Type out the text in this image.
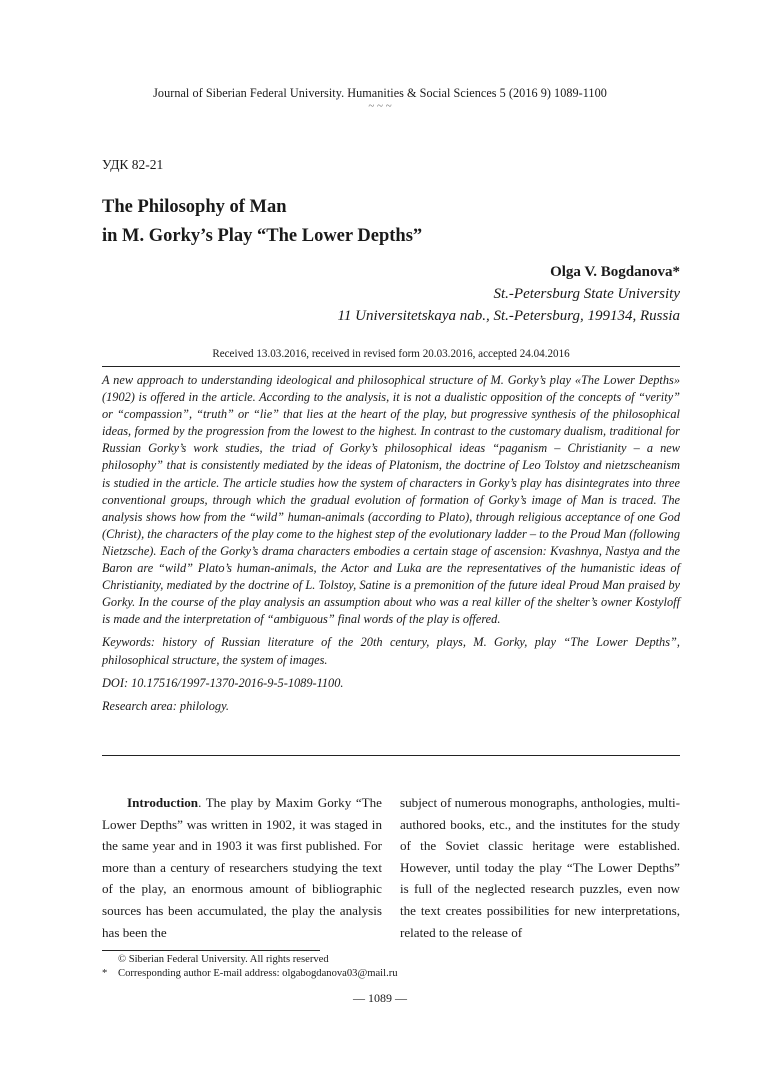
Journal of Siberian Federal University. Humanities & Social Sciences 5 (2016 9) 1089-1100
~ ~ ~
УДК 82-21
The Philosophy of Man
in M. Gorky’s Play “The Lower Depths”
Olga V. Bogdanova*
St.-Petersburg State University
11 Universitetskaya nab., St.-Petersburg, 199134, Russia
Received 13.03.2016, received in revised form 20.03.2016, accepted 24.04.2016

A new approach to understanding ideological and philosophical structure of M. Gorky’s play «The Lower Depths» (1902) is offered in the article. According to the analysis, it is not a dualistic opposition of the concepts of “verity” or “compassion”, “truth” or “lie” that lies at the heart of the play, but progressive synthesis of the philosophical ideas, formed by the progression from the lowest to the highest. In contrast to the customary dualism, traditional for Russian Gorky’s work studies, the triad of Gorky’s philosophical ideas “paganism – Christianity – a new philosophy” that is consistently mediated by the ideas of Platonism, the doctrine of Leo Tolstoy and nietzscheanism is studied in the article. The article studies how the system of characters in Gorky’s play has disintegrates into three conventional groups, through which the gradual evolution of formation of Gorky’s image of Man is traced. The analysis shows how from the “wild” human-animals (according to Plato), through religious acceptance of one God (Christ), the characters of the play come to the highest step of the evolutionary ladder – to the Proud Man (following Nietzsche). Each of the Gorky’s drama characters embodies a certain stage of ascension: Kvashnya, Nastya and the Baron are “wild” Plato’s human-animals, the Actor and Luka are the representatives of the humanistic ideas of Christianity, mediated by the doctrine of L. Tolstoy, Satine is a premonition of the future ideal Proud Man praised by Gorky. In the course of the play analysis an assumption about who was a real killer of the shelter’s owner Kostyloff is made and the interpretation of “ambiguous” final words of the play is offered.

Keywords: history of Russian literature of the 20th century, plays, M. Gorky, play “The Lower Depths”, philosophical structure, the system of images.

DOI: 10.17516/1997-1370-2016-9-5-1089-1100.

Research area: philology.

Introduction. The play by Maxim Gorky “The Lower Depths” was written in 1902, it was staged in the same year and in 1903 it was first published. For more than a century of researchers studying the text of the play, an enormous amount of bibliographic sources has been accumulated, the play the analysis has been the
subject of numerous monographs, anthologies, multi-authored books, etc., and the institutes for the study of the Soviet classic heritage were established. However, until today the play “The Lower Depths” is full of the neglected research puzzles, even now the text creates possibilities for new interpretations, related to the release of
© Siberian Federal University. All rights reserved
* Corresponding author E-mail address: olgabogdanova03@mail.ru
— 1089 —
